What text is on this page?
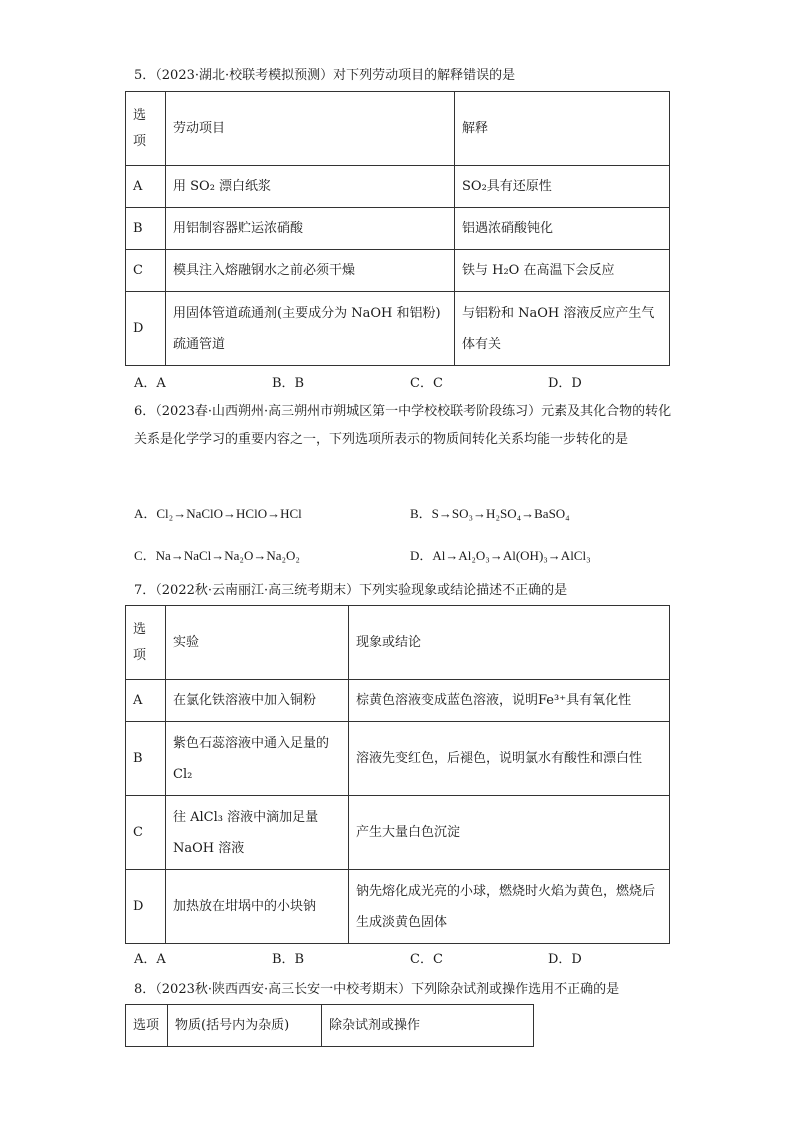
5．（2023·湖北·校联考模拟预测）对下列劳动项目的解释错误的是
选项	劳动项目	解释
A	用 SO₂ 漂白纸浆	SO₂具有还原性
B	用铝制容器贮运浓硝酸	铝遇浓硝酸钝化
C	模具注入熔融钢水之前必须干燥	铁与 H₂O 在高温下会反应
D	用固体管道疏通剂(主要成分为 NaOH 和铝粉)疏通管道	与铝粉和 NaOH 溶液反应产生气体有关
A．A	B．B	C．C	D．D
6．（2023春·山西朔州·高三朔州市朔城区第一中学校校联考阶段练习）元素及其化合物的转化关系是化学学习的重要内容之一，下列选项所表示的物质间转化关系均能一步转化的是
A．Cl₂→NaClO→HClO→HCl	B．S→SO₃→H₂SO₄→BaSO₄
C．Na→NaCl→Na₂O→Na₂O₂	D．Al→Al₂O₃→Al(OH)₃→AlCl₃
7．（2022秋·云南丽江·高三统考期末）下列实验现象或结论描述不正确的是
选项	实验	现象或结论
A	在氯化铁溶液中加入铜粉	棕黄色溶液变成蓝色溶液，说明Fe³⁺具有氧化性
B	紫色石蕊溶液中通入足量的 Cl₂	溶液先变红色，后褪色，说明氯水有酸性和漂白性
C	往 AlCl₃ 溶液中滴加足量 NaOH 溶液	产生大量白色沉淀
D	加热放在坩埚中的小块钠	钠先熔化成光亮的小球，燃烧时火焰为黄色，燃烧后生成淡黄色固体
A．A	B．B	C．C	D．D
8．（2023秋·陕西西安·高三长安一中校考期末）下列除杂试剂或操作选用不正确的是
选项	物质(括号内为杂质)	除杂试剂或操作
